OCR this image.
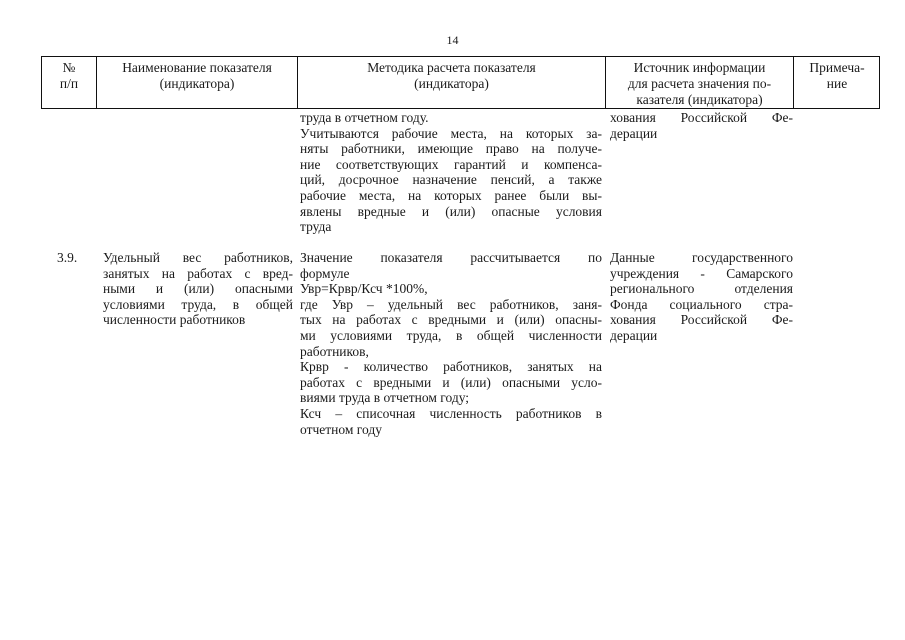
14
№
п/п
Наименование показателя
(индикатора)
Методика расчета показателя
(индикатора)
Источник информации
для расчета значения по-
казателя (индикатора)
Примеча-
ние
труда в отчетном году.
Учитываются рабочие места, на которых за-
няты работники, имеющие право на получе-
ние соответствующих гарантий и компенса-
ций, досрочное назначение пенсий, а также
рабочие места, на которых ранее были вы-
явлены вредные и (или) опасные условия
труда
хования Российской Фе-
дерации
3.9. Удельный вес работников,
занятых на работах с вред-
ными и (или) опасными
условиями труда, в общей
численности работников
Значение показателя рассчитывается по
формуле
Увр=Крвр/Ксч *100%,
где Увр – удельный вес работников, заня-
тых на работах с вредными и (или) опасны-
ми условиями труда, в общей численности
работников,
Крвр - количество работников, занятых на
работах с вредными и (или) опасными усло-
виями труда в отчетном году;
Ксч – списочная численность работников в
отчетном году
Данные государственного
учреждения - Самарского
регионального отделения
Фонда социального стра-
хования Российской Фе-
дерации
